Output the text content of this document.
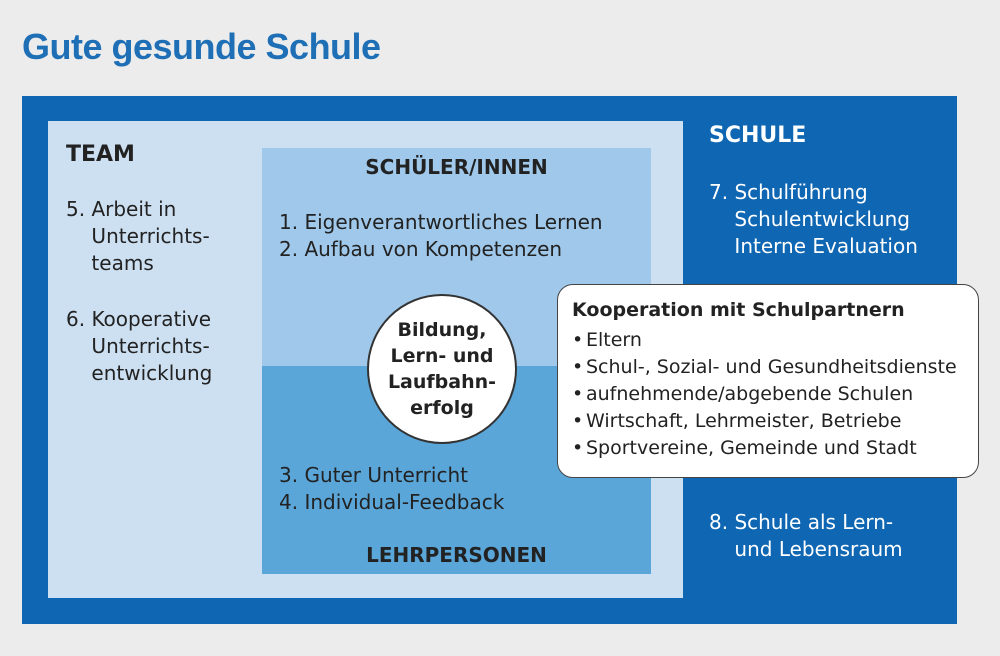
Gute gesunde Schule
TEAM
SCHULE
SCHÜLER/INNEN
LEHRPERSONEN
5. Arbeit in
Unterrichts-
teams
6. Kooperative
Unterrichts-
entwicklung
1. Eigenverantwortliches Lernen
2. Aufbau von Kompetenzen
3. Guter Unterricht
4. Individual-Feedback
7. Schulführung
Schulentwicklung
Interne Evaluation
8. Schule als Lern-
und Lebensraum
Bildung,
Lern- und
Laufbahn-
erfolg
Kooperation mit Schulpartnern
• Eltern
• Schul-, Sozial- und Gesundheitsdienste
• aufnehmende/abgebende Schulen
• Wirtschaft, Lehrmeister, Betriebe
• Sportvereine, Gemeinde und Stadt
